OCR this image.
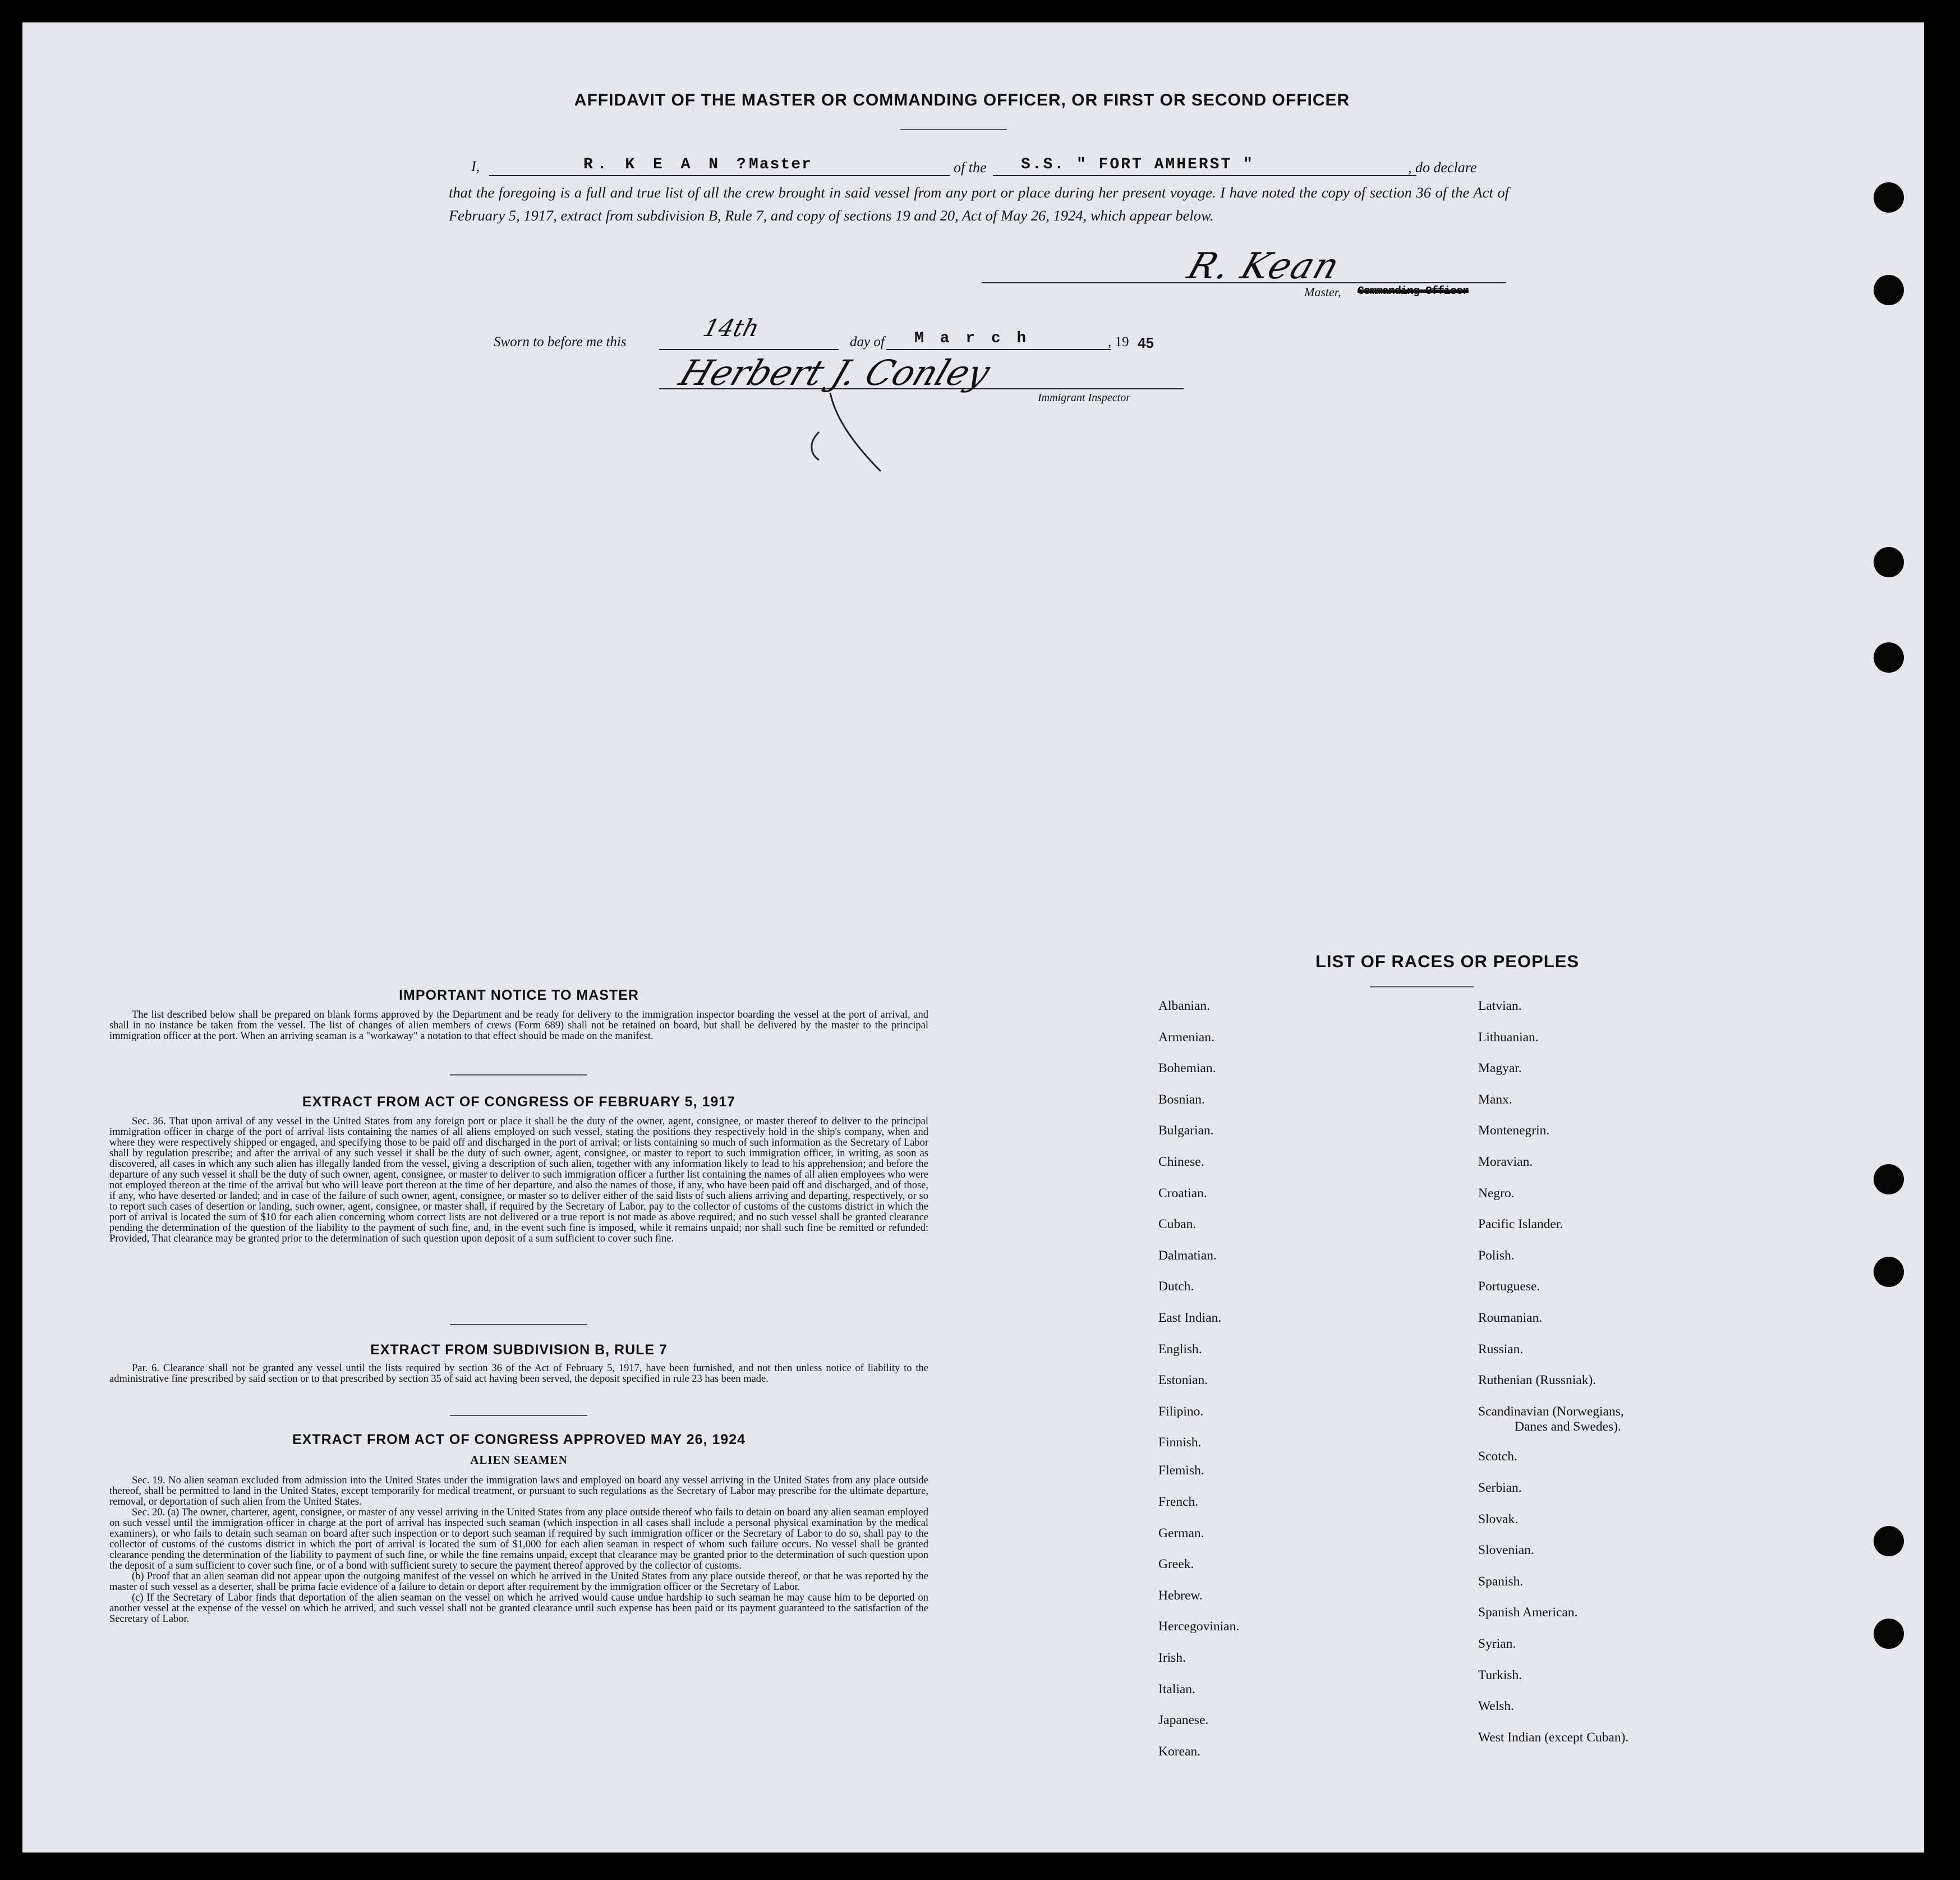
AFFIDAVIT OF THE MASTER OR COMMANDING OFFICER, OR FIRST OR SECOND OFFICER
I,	R. K E A N ?
Master	of the S.S. " FORT AMHERST "	, do declare
that the foregoing is a full and true list of all the crew brought in said vessel from any port or place during her present voyage. I have noted the copy of section 36 of the Act of February 5, 1917, extract from subdivision B, Rule 7, and copy of sections 19 and 20, Act of May 26, 1924, which appear below.
R. Kean
Master, Commanding Officer
Sworn to before me this
14th
day of M a r c h	, 19 45
Herbert J. Conley
Immigrant Inspector
IMPORTANT NOTICE TO MASTER

The list described below shall be prepared on blank forms approved by the Department and be ready for delivery to the immigration inspector boarding the vessel at the port of arrival, and shall in no instance be taken from the vessel. The list of changes of alien members of crews (Form 689) shall not be retained on board, but shall be delivered by the master to the principal immigration officer at the port. When an arriving seaman is a "workaway" a notation to that effect should be made on the manifest.

EXTRACT FROM ACT OF CONGRESS OF FEBRUARY 5, 1917

Sec. 36. That upon arrival of any vessel in the United States from any foreign port or place it shall be the duty of the owner, agent, consignee, or master thereof to deliver to the principal immigration officer in charge of the port of arrival lists containing the names of all aliens employed on such vessel, stating the positions they respectively hold in the ship's company, when and where they were respectively shipped or engaged, and specifying those to be paid off and discharged in the port of arrival; or lists containing so much of such information as the Secretary of Labor shall by regulation prescribe; and after the arrival of any such vessel it shall be the duty of such owner, agent, consignee, or master to report to such immigration officer, in writing, as soon as discovered, all cases in which any such alien has illegally landed from the vessel, giving a description of such alien, together with any information likely to lead to his apprehension; and before the departure of any such vessel it shall be the duty of such owner, agent, consignee, or master to deliver to such immigration officer a further list containing the names of all alien employees who were not employed thereon at the time of the arrival but who will leave port thereon at the time of her departure, and also the names of those, if any, who have been paid off and discharged, and of those, if any, who have deserted or landed; and in case of the failure of such owner, agent, consignee, or master so to deliver either of the said lists of such aliens arriving and departing, respectively, or so to report such cases of desertion or landing, such owner, agent, consignee, or master shall, if required by the Secretary of Labor, pay to the collector of customs of the customs district in which the port of arrival is located the sum of $10 for each alien concerning whom correct lists are not delivered or a true report is not made as above required; and no such vessel shall be granted clearance pending the determination of the question of the liability to the payment of such fine, and, in the event such fine is imposed, while it remains unpaid; nor shall such fine be remitted or refunded: Provided, That clearance may be granted prior to the determination of such question upon deposit of a sum sufficient to cover such fine.

EXTRACT FROM SUBDIVISION B, RULE 7

Par. 6. Clearance shall not be granted any vessel until the lists required by section 36 of the Act of February 5, 1917, have been furnished, and not then unless notice of liability to the administrative fine prescribed by said section or to that prescribed by section 35 of said act having been served, the deposit specified in rule 23 has been made.

EXTRACT FROM ACT OF CONGRESS APPROVED MAY 26, 1924
ALIEN SEAMEN

Sec. 19. No alien seaman excluded from admission into the United States under the immigration laws and employed on board any vessel arriving in the United States from any place outside thereof, shall be permitted to land in the United States, except temporarily for medical treatment, or pursuant to such regulations as the Secretary of Labor may prescribe for the ultimate departure, removal, or deportation of such alien from the United States.

Sec. 20. (a) The owner, charterer, agent, consignee, or master of any vessel arriving in the United States from any place outside thereof who fails to detain on board any alien seaman employed on such vessel until the immigration officer in charge at the port of arrival has inspected such seaman (which inspection in all cases shall include a personal physical examination by the medical examiners), or who fails to detain such seaman on board after such inspection or to deport such seaman if required by such immigration officer or the Secretary of Labor to do so, shall pay to the collector of customs of the customs district in which the port of arrival is located the sum of $1,000 for each alien seaman in respect of whom such failure occurs. No vessel shall be granted clearance pending the determination of the liability to payment of such fine, or while the fine remains unpaid, except that clearance may be granted prior to the determination of such question upon the deposit of a sum sufficient to cover such fine, or of a bond with sufficient surety to secure the payment thereof approved by the collector of customs.

(b) Proof that an alien seaman did not appear upon the outgoing manifest of the vessel on which he arrived in the United States from any place outside thereof, or that he was reported by the master of such vessel as a deserter, shall be prima facie evidence of a failure to detain or deport after requirement by the immigration officer or the Secretary of Labor.

(c) If the Secretary of Labor finds that deportation of the alien seaman on the vessel on which he arrived would cause undue hardship to such seaman he may cause him to be deported on another vessel at the expense of the vessel on which he arrived, and such vessel shall not be granted clearance until such expense has been paid or its payment guaranteed to the satisfaction of the Secretary of Labor.

LIST OF RACES OR PEOPLES
Albanian.
Armenian.
Bohemian.
Bosnian.
Bulgarian.
Chinese.
Croatian.
Cuban.
Dalmatian.
Dutch.
East Indian.
English.
Estonian.
Filipino.
Finnish.
Flemish.
French.
German.
Greek.
Hebrew.
Hercegovinian.
Irish.
Italian.
Japanese.
Korean.
Latvian.
Lithuanian.
Magyar.
Manx.
Montenegrin.
Moravian.
Negro.
Pacific Islander.
Polish.
Portuguese.
Roumanian.
Russian.
Ruthenian (Russniak).
Scandinavian (Norwegians,
Danes and Swedes).
Scotch.
Serbian.
Slovak.
Slovenian.
Spanish.
Spanish American.
Syrian.
Turkish.
Welsh.
West Indian (except Cuban).
